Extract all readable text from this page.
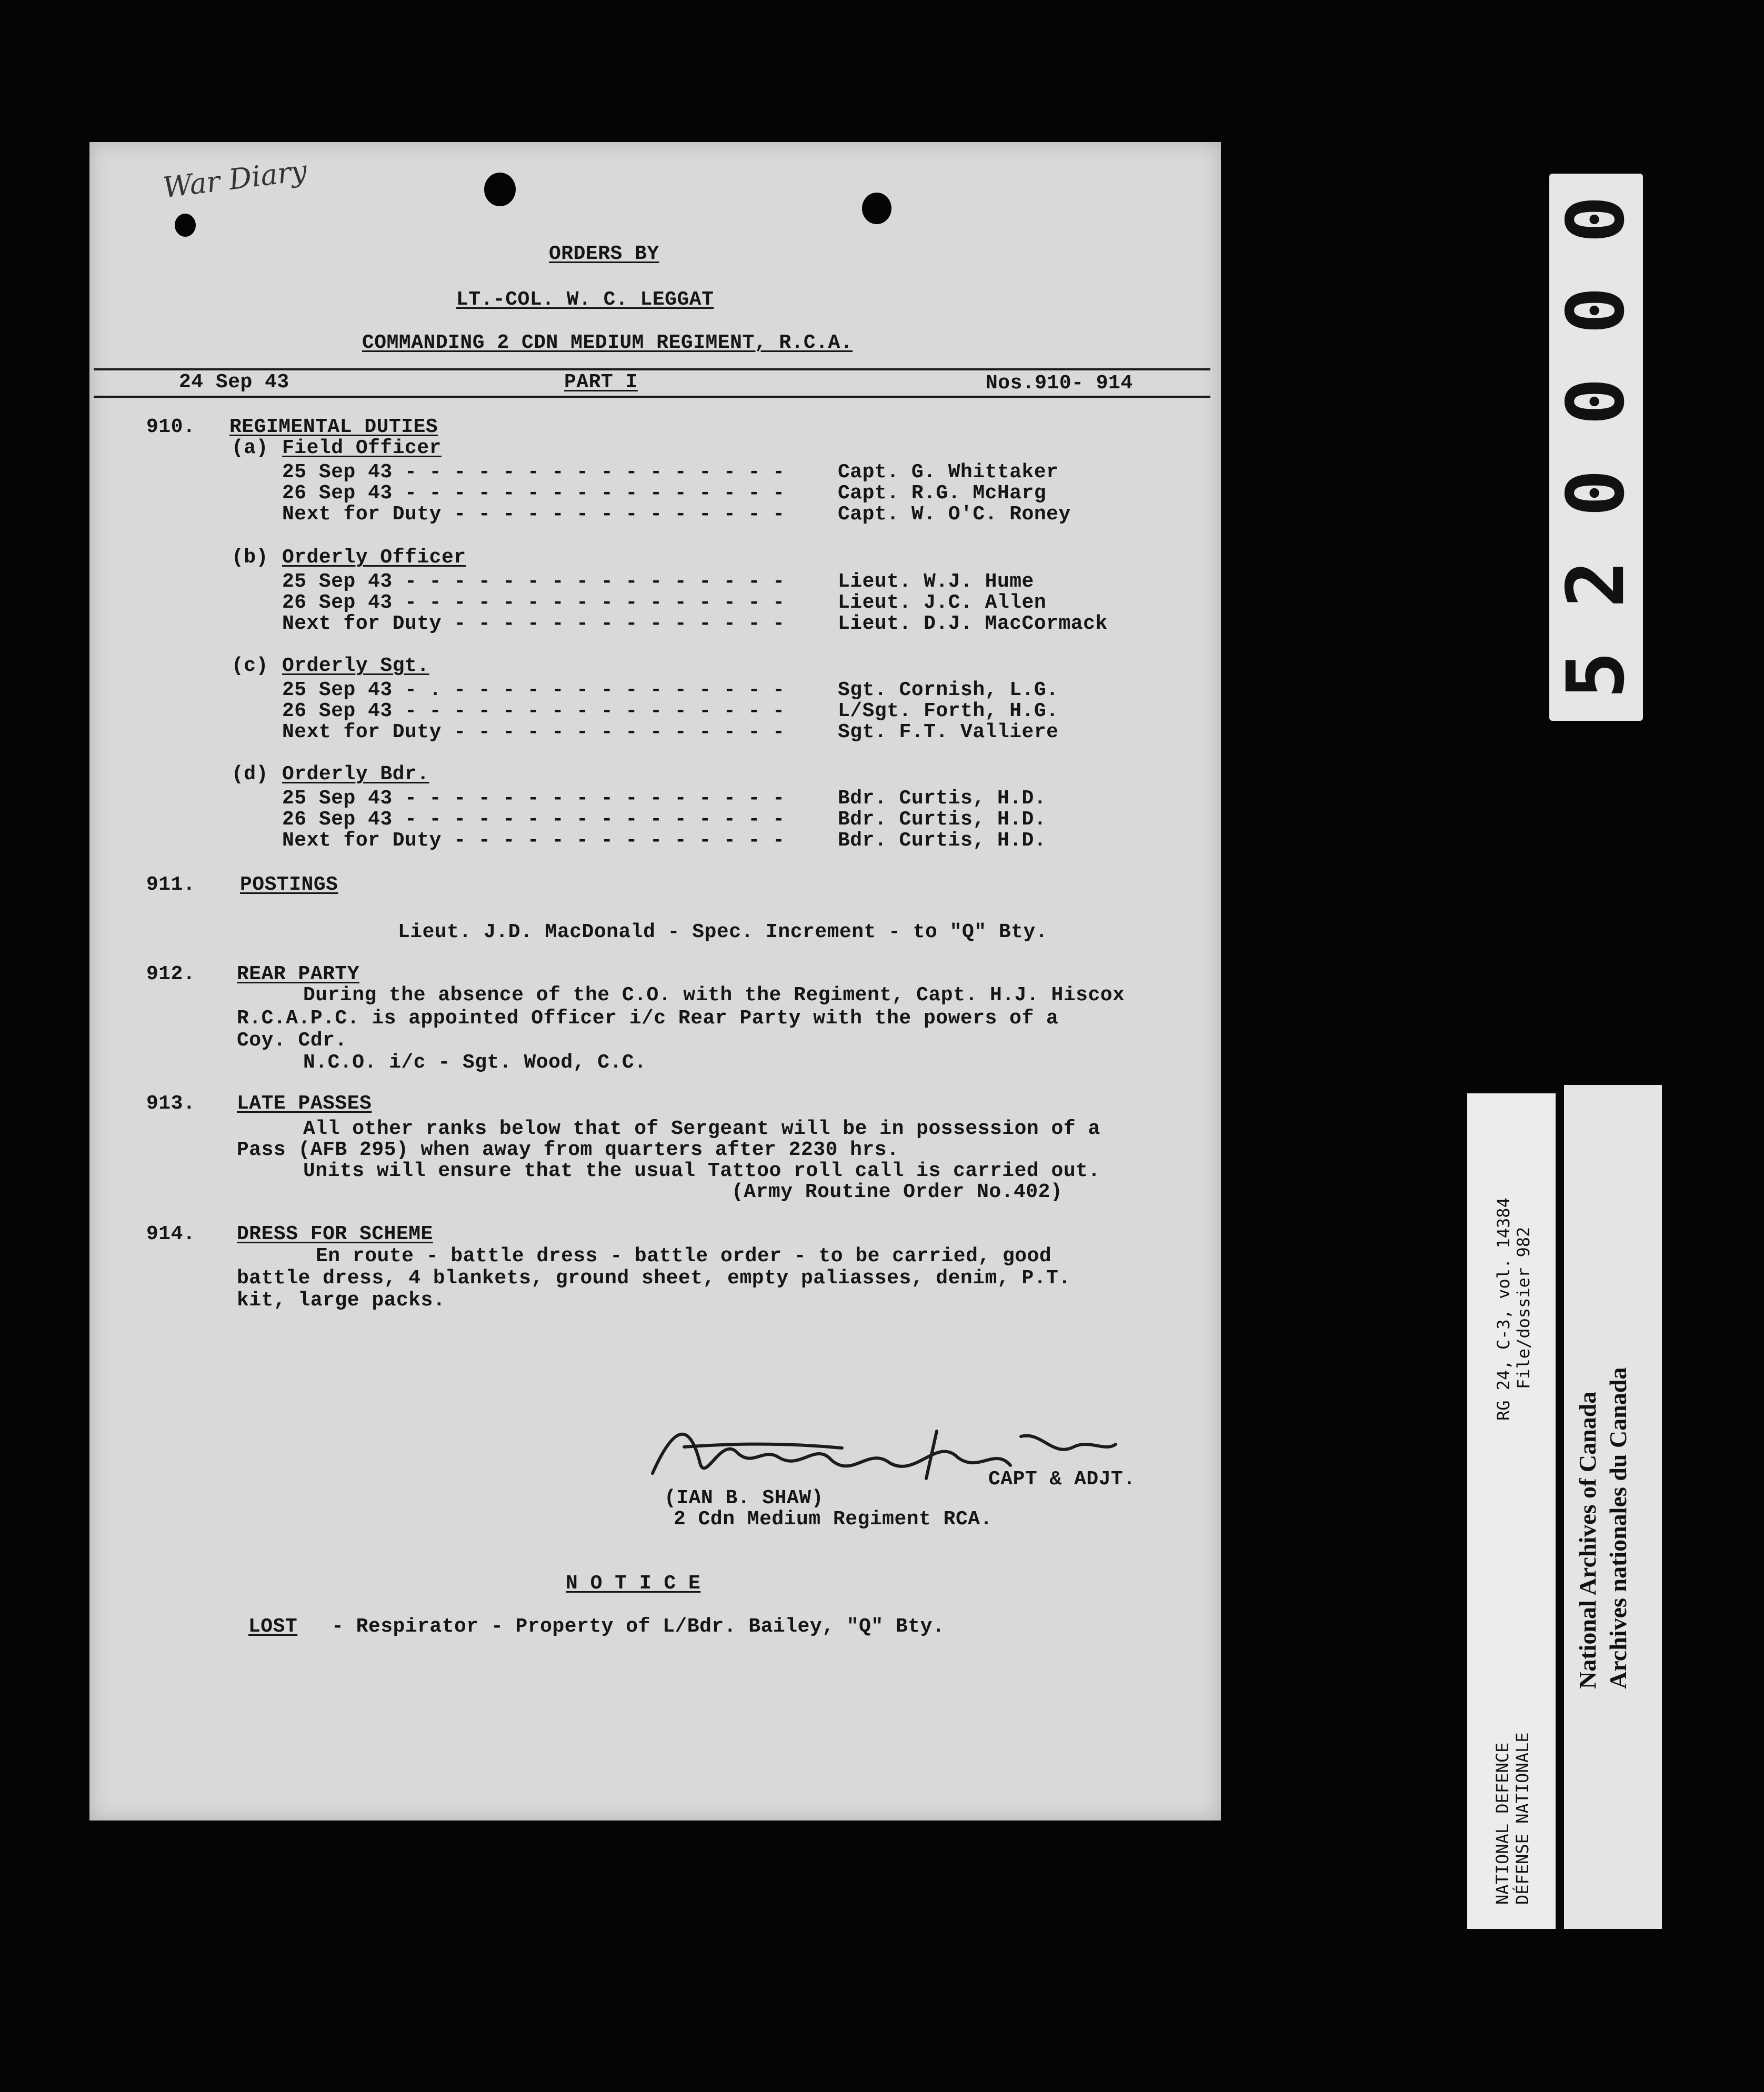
War Diary
ORDERS BY
LT.-COL. W. C. LEGGAT
COMMANDING 2 CDN MEDIUM REGIMENT, R.C.A.
24 Sep 43	PART I	Nos.910- 914
910. REGIMENTAL DUTIES
(a) Field Officer
25 Sep 43 - - - - - - - - - - - - - - - -	Capt. G. Whittaker
26 Sep 43 - - - - - - - - - - - - - - - -	Capt. R.G. McHarg
Next for Duty - - - - - - - - - - - - - -	Capt. W. O'C. Roney
(b) Orderly Officer
25 Sep 43 - - - - - - - - - - - - - - - -	Lieut. W.J. Hume
26 Sep 43 - - - - - - - - - - - - - - - -	Lieut. J.C. Allen
Next for Duty - - - - - - - - - - - - - -	Lieut. D.J. MacCormack
(c) Orderly Sgt.
25 Sep 43 - . - - - - - - - - - - - - - -	Sgt. Cornish, L.G.
26 Sep 43 - - - - - - - - - - - - - - - -	L/Sgt. Forth, H.G.
Next for Duty - - - - - - - - - - - - - -	Sgt. F.T. Valliere
(d) Orderly Bdr.
25 Sep 43 - - - - - - - - - - - - - - - -	Bdr. Curtis, H.D.
26 Sep 43 - - - - - - - - - - - - - - - -	Bdr. Curtis, H.D.
Next for Duty - - - - - - - - - - - - - -	Bdr. Curtis, H.D.
911. POSTINGS
Lieut. J.D. MacDonald - Spec. Increment - to "Q" Bty.
912. REAR PARTY
During the absence of the C.O. with the Regiment, Capt. H.J. Hiscox
R.C.A.P.C. is appointed Officer i/c Rear Party with the powers of a
Coy. Cdr.
N.C.O. i/c - Sgt. Wood, C.C.
913. LATE PASSES
All other ranks below that of Sergeant will be in possession of a
Pass (AFB 295) when away from quarters after 2230 hrs.
Units will ensure that the usual Tattoo roll call is carried out.
(Army Routine Order No.402)
914. DRESS FOR SCHEME
En route - battle dress - battle order - to be carried, good
battle dress, 4 blankets, ground sheet, empty paliasses, denim, P.T.
kit, large packs.
CAPT & ADJT.
(IAN B. SHAW)
2 Cdn Medium Regiment RCA.
N O T I C E
LOST - Respirator - Property of L/Bdr. Bailey, "Q" Bty.
0
0
0
0
2
5
NATIONAL DEFENCE DÉFENSE NATIONALE
RG 24, C-3, vol. 14384 File/dossier 982
National Archives of Canada Archives nationales du Canada
